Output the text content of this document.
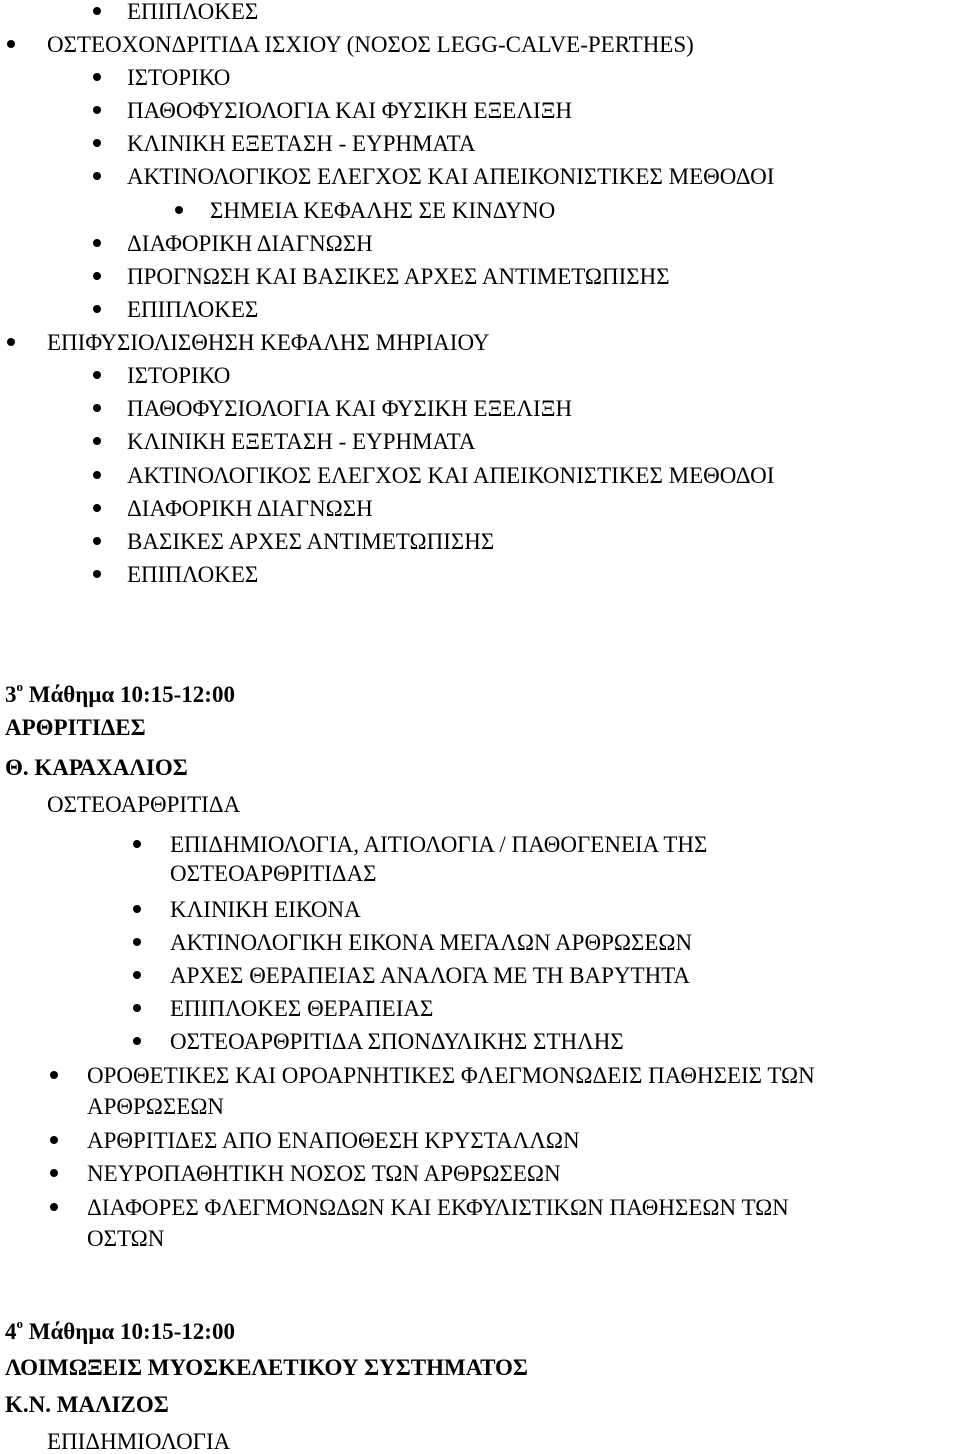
ΕΠΙΠΛΟΚΕΣ
ΟΣΤΕΟΧΟΝΔΡΙΤΙΔΑ ΙΣΧΙΟΥ (ΝΟΣΟΣ LEGG-CALVE-PERTHES)
ΙΣΤΟΡΙΚΟ
ΠΑΘΟΦΥΣΙΟΛΟΓΙΑ ΚΑΙ ΦΥΣΙΚΗ ΕΞΕΛΙΞΗ
ΚΛΙΝΙΚΗ ΕΞΕΤΑΣΗ - ΕΥΡΗΜΑΤΑ
ΑΚΤΙΝΟΛΟΓΙΚΟΣ ΕΛΕΓΧΟΣ ΚΑΙ ΑΠΕΙΚΟΝΙΣΤΙΚΕΣ ΜΕΘΟΔΟΙ
ΣΗΜΕΙΑ ΚΕΦΑΛΗΣ ΣΕ ΚΙΝΔΥΝΟ
ΔΙΑΦΟΡΙΚΗ ΔΙΑΓΝΩΣΗ
ΠΡΟΓΝΩΣΗ ΚΑΙ ΒΑΣΙΚΕΣ ΑΡΧΕΣ ΑΝΤΙΜΕΤΩΠΙΣΗΣ
ΕΠΙΠΛΟΚΕΣ
ΕΠΙΦΥΣΙΟΛΙΣΘΗΣΗ ΚΕΦΑΛΗΣ ΜΗΡΙΑΙΟΥ
ΙΣΤΟΡΙΚΟ
ΠΑΘΟΦΥΣΙΟΛΟΓΙΑ ΚΑΙ ΦΥΣΙΚΗ ΕΞΕΛΙΞΗ
ΚΛΙΝΙΚΗ ΕΞΕΤΑΣΗ - ΕΥΡΗΜΑΤΑ
ΑΚΤΙΝΟΛΟΓΙΚΟΣ ΕΛΕΓΧΟΣ ΚΑΙ ΑΠΕΙΚΟΝΙΣΤΙΚΕΣ ΜΕΘΟΔΟΙ
ΔΙΑΦΟΡΙΚΗ ΔΙΑΓΝΩΣΗ
ΒΑΣΙΚΕΣ ΑΡΧΕΣ ΑΝΤΙΜΕΤΩΠΙΣΗΣ
ΕΠΙΠΛΟΚΕΣ
$3^o$ Μάθημα 10:15-12:00
ΑΡΘΡΙΤΙΔΕΣ
Θ. ΚΑΡΑΧΑΛΙΟΣ
ΟΣΤΕΟΑΡΘΡΙΤΙΔΑ
ΕΠΙΔΗΜΙΟΛΟΓΙΑ, ΑΙΤΙΟΛΟΓΙΑ / ΠΑΘΟΓΕΝΕΙΑ ΤΗΣ
ΟΣΤΕΟΑΡΘΡΙΤΙΔΑΣ
ΚΛΙΝΙΚΗ ΕΙΚΟΝΑ
ΑΚΤΙΝΟΛΟΓΙΚΗ ΕΙΚΟΝΑ ΜΕΓΑΛΩΝ ΑΡΘΡΩΣΕΩΝ
ΑΡΧΕΣ ΘΕΡΑΠΕΙΑΣ ΑΝΑΛΟΓΑ ΜΕ ΤΗ ΒΑΡΥΤΗΤΑ
ΕΠΙΠΛΟΚΕΣ ΘΕΡΑΠΕΙΑΣ
ΟΣΤΕΟΑΡΘΡΙΤΙΔΑ ΣΠΟΝΔΥΛΙΚΗΣ ΣΤΗΛΗΣ
ΟΡΟΘΕΤΙΚΕΣ ΚΑΙ ΟΡΟΑΡΝΗΤΙΚΕΣ ΦΛΕΓΜΟΝΩΔΕΙΣ ΠΑΘΗΣΕΙΣ ΤΩΝ
ΑΡΘΡΩΣΕΩΝ
ΑΡΘΡΙΤΙΔΕΣ ΑΠΟ ΕΝΑΠΟΘΕΣΗ ΚΡΥΣΤΑΛΛΩΝ
ΝΕΥΡΟΠΑΘΗΤΙΚΗ ΝΟΣΟΣ ΤΩΝ ΑΡΘΡΩΣΕΩΝ
ΔΙΑΦΟΡΕΣ ΦΛΕΓΜΟΝΩΔΩΝ ΚΑΙ ΕΚΦΥΛΙΣΤΙΚΩΝ ΠΑΘΗΣΕΩΝ ΤΩΝ
ΟΣΤΩΝ
$4^o$ Μάθημα 10:15-12:00
ΛΟΙΜΩΞΕΙΣ ΜΥΟΣΚΕΛΕΤΙΚΟΥ ΣΥΣΤΗΜΑΤΟΣ
Κ.Ν. ΜΑΛΙΖΟΣ
ΕΠΙΔΗΜΙΟΛΟΓΙΑ
